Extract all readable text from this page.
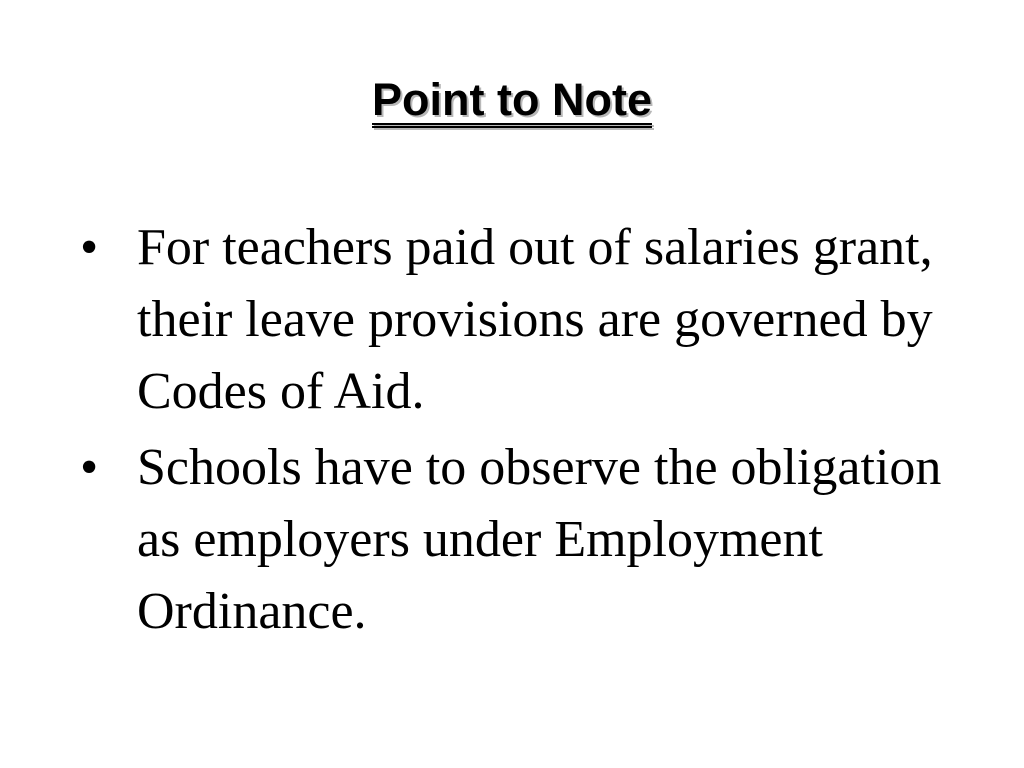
Point to Note
• For teachers paid out of salaries grant, their leave provisions are governed by Codes of Aid.
• Schools have to observe the obligation as employers under Employment Ordinance.
